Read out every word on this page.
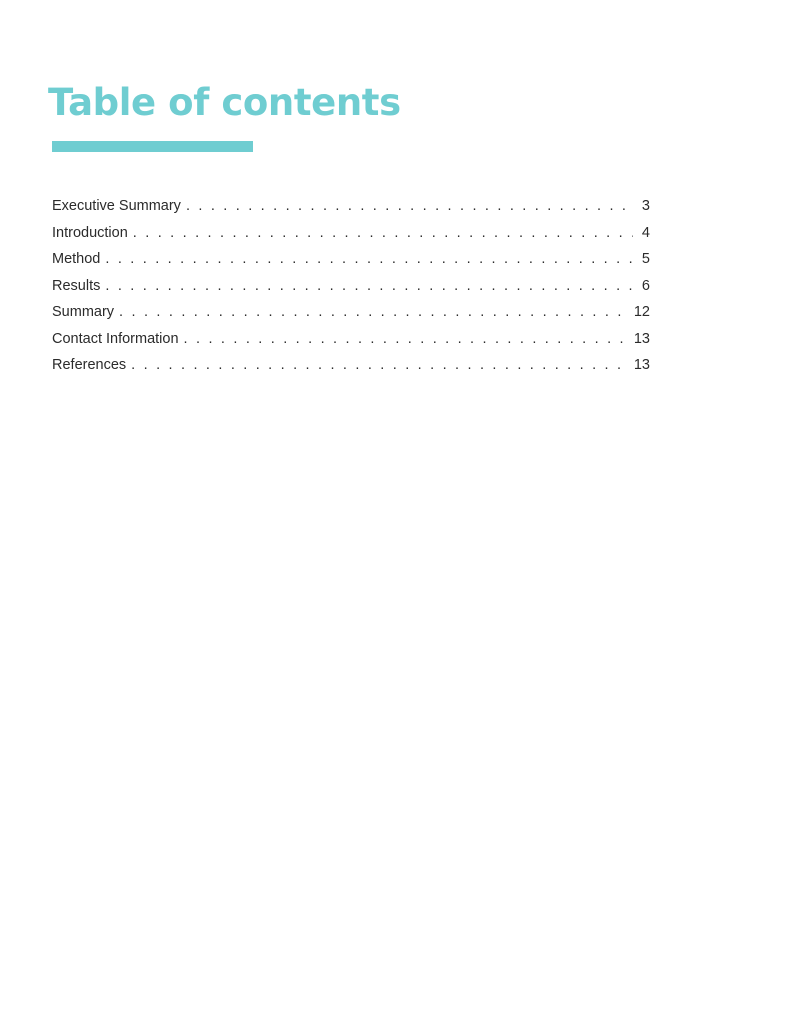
Table of contents
Executive Summary . . .	3
Introduction . . .	4
Method . . .	5
Results . . .	6
Summary . . .	12
Contact Information . . .	13
References . . .	13
